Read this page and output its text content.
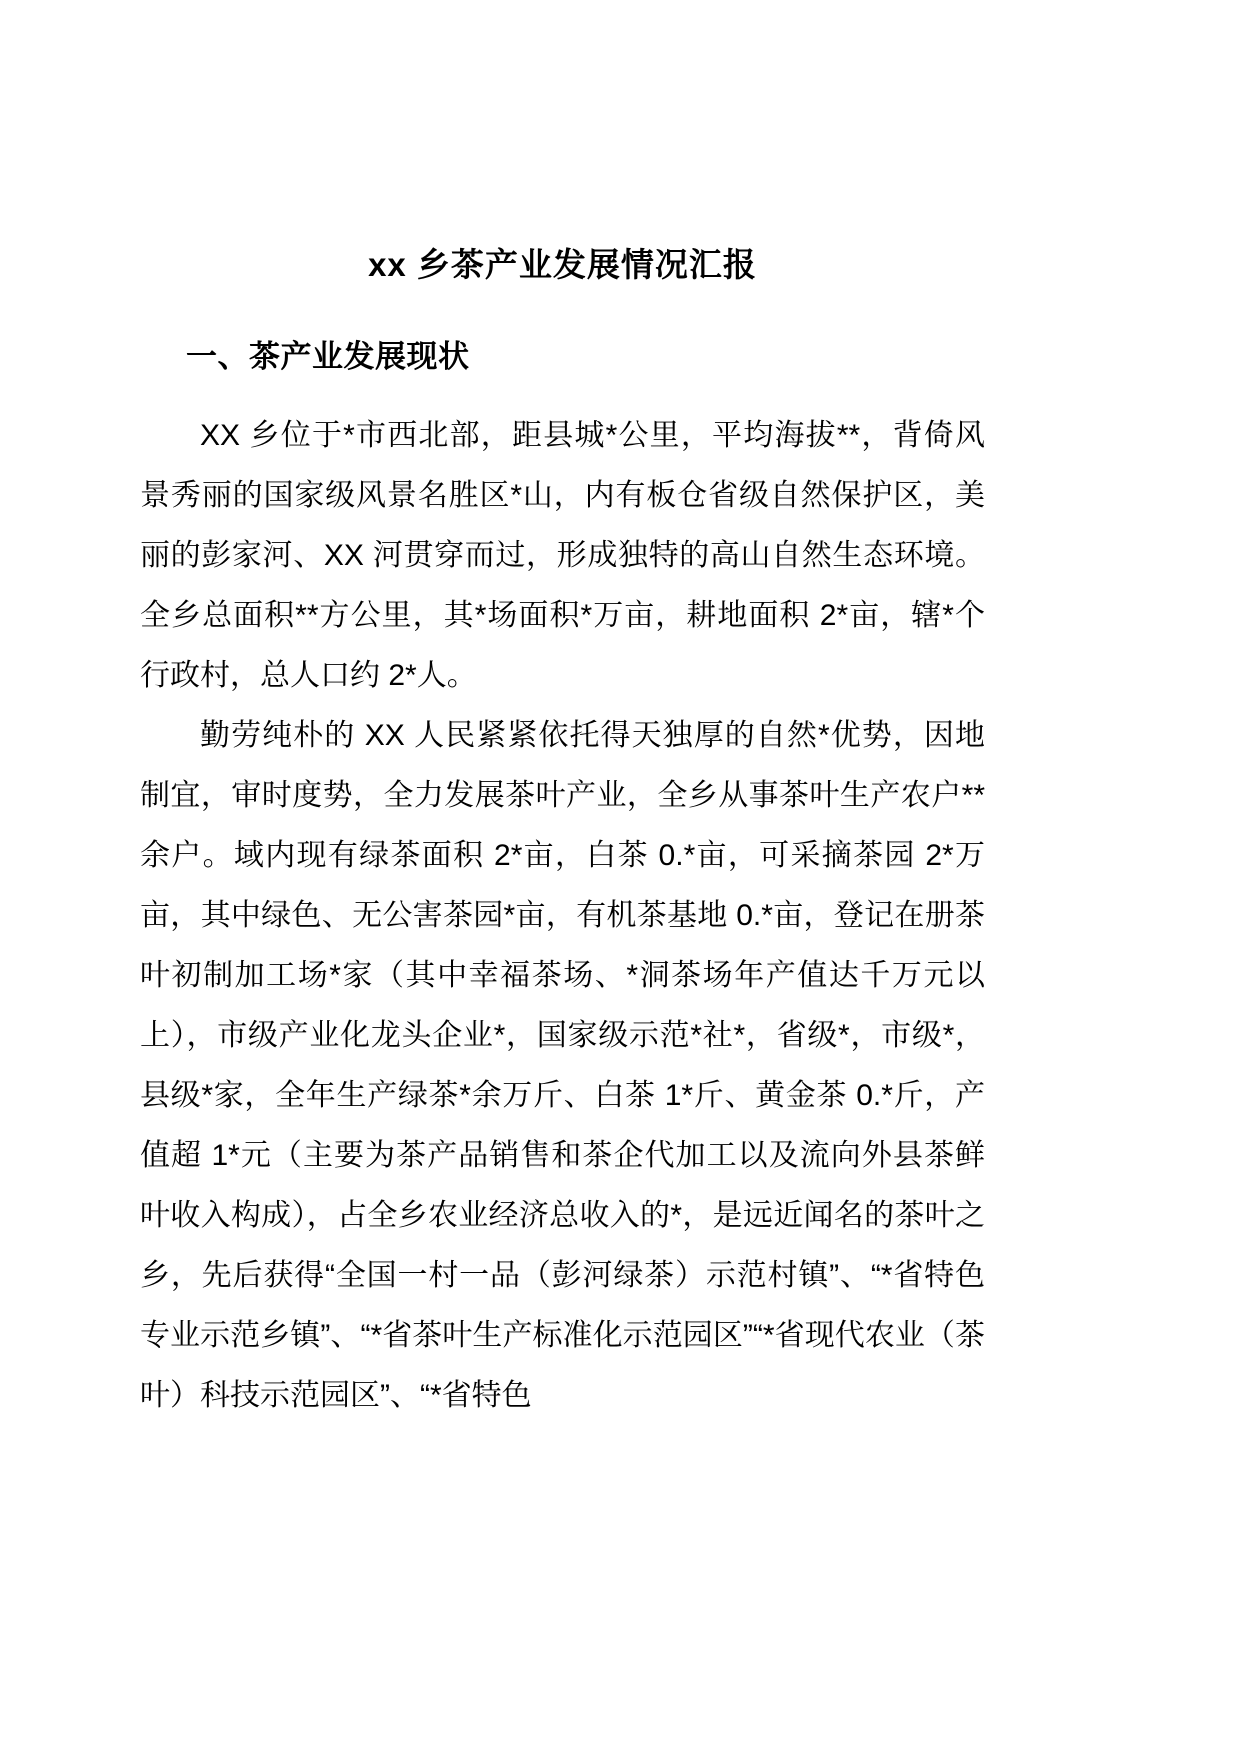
xx 乡茶产业发展情况汇报
一、茶产业发展现状

XX 乡位于*市西北部，距县城*公里，平均海拔**，背倚风景秀丽的国家级风景名胜区*山，内有板仓省级自然保护区，美丽的彭家河、XX 河贯穿而过，形成独特的高山自然生态环境。全乡总面积**方公里，其*场面积*万亩，耕地面积 2*亩，辖*个行政村，总人口约 2*人。

勤劳纯朴的 XX 人民紧紧依托得天独厚的自然*优势，因地制宜，审时度势，全力发展茶叶产业，全乡从事茶叶生产农户**余户。域内现有绿茶面积 2*亩，白茶 0.*亩，可采摘茶园 2*万亩，其中绿色、无公害茶园*亩，有机茶基地 0.*亩，登记在册茶叶初制加工场*家（其中幸福茶场、*洞茶场年产值达千万元以上），市级产业化龙头企业*，国家级示范*社*，省级*，市级*，县级*家，全年生产绿茶*余万斤、白茶 1*斤、黄金茶 0.*斤，产值超 1*元（主要为茶产品销售和茶企代加工以及流向外县茶鲜叶收入构成），占全乡农业经济总收入的*，是远近闻名的茶叶之乡，先后获得“全国一村一品（彭河绿茶）示范村镇”、“*省特色专业示范乡镇”、“*省茶叶生产标准化示范园区”“*省现代农业（茶叶）科技示范园区”、“*省特色
